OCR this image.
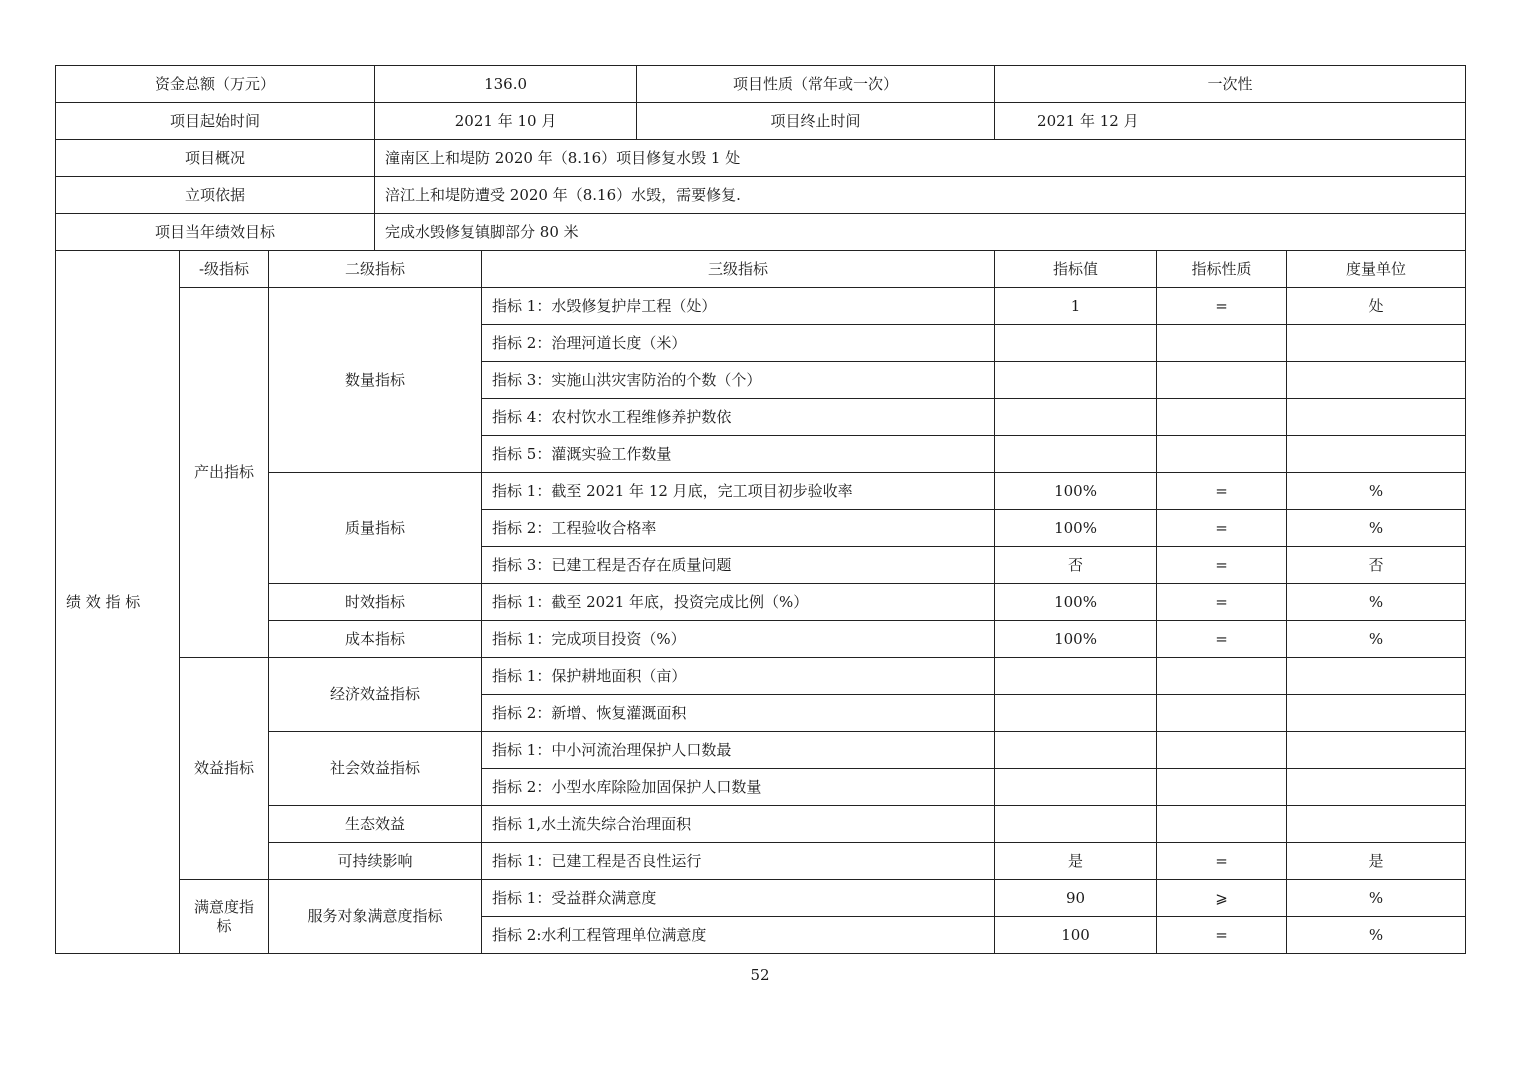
资金总额（万元）			136.0		项目性质（常年或一次）	一次性		
项目起始时间			2021 年 10 月		项目终止时间	2021 年 12 月		
项目概况			潼南区上和堤防 2020 年（8.16）项目修复水毁 1 处					
立项依据			涪江上和堤防遭受 2020 年（8.16）水毁，需要修复.					
项目当年绩效目标			完成水毁修复镇脚部分 80 米					
绩 效 指 标	-级指标	二级指标		三级指标		指标值	指标性质	度量单位
	产出指标	数量指标		指标 1：水毁修复护岸工程（处）		1	=	处
				指标 2：治理河道长度（米）				
				指标 3：实施山洪灾害防治的个数（个）				
				指标 4：农村饮水工程维修养护数依				
				指标 5：灌溉实验工作数量				
		质量指标		指标 1：截至 2021 年 12 月底，完工项目初步验收率		100%	=	%
				指标 2：工程验收合格率		100%	=	%
				指标 3：已建工程是否存在质量问题		否	=	否
		时效指标		指标 1：截至 2021 年底，投资完成比例（%）		100%	=	%
		成本指标		指标 1：完成项目投资（%）		100%	=	%
	效益指标	经济效益指标		指标 1：保护耕地面积（亩）				
				指标 2：新增、恢复灌溉面积				
		社会效益指标		指标 1：中小河流治理保护人口数最				
				指标 2：小型水库除险加固保护人口数量				
		生态效益		指标 1,水土流失综合治理面积				
		可持续影响		指标 1：已建工程是否良性运行		是	=	是
	满意度指标	服务对象满意度指标		指标 1：受益群众满意度		90	⩾	%
				指标 2:水利工程管理单位满意度		100	=	%
52
